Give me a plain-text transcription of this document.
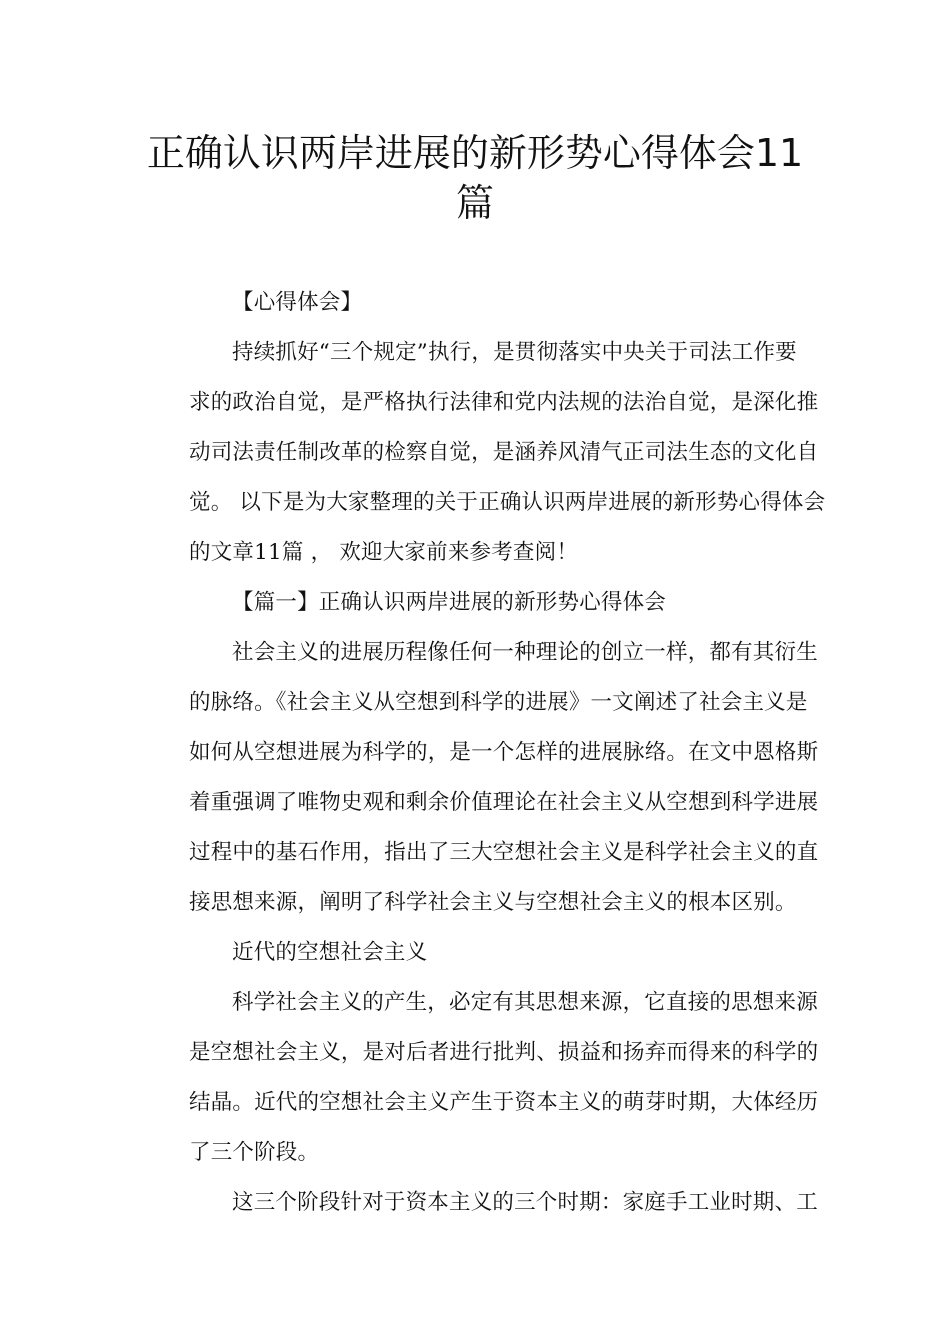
正确认识两岸进展的新形势心得体会11
篇
【心得体会】
持续抓好“三个规定”执行，是贯彻落实中央关于司法工作要
求的政治自觉，是严格执行法律和党内法规的法治自觉，是深化推
动司法责任制改革的检察自觉，是涵养风清气正司法生态的文化自
觉。 以下是为大家整理的关于正确认识两岸进展的新形势心得体会
的文章11篇 ， 欢迎大家前来参考查阅！
【篇一】正确认识两岸进展的新形势心得体会
社会主义的进展历程像任何一种理论的创立一样，都有其衍生
的脉络。《社会主义从空想到科学的进展》一文阐述了社会主义是
如何从空想进展为科学的，是一个怎样的进展脉络。在文中恩格斯
着重强调了唯物史观和剩余价值理论在社会主义从空想到科学进展
过程中的基石作用，指出了三大空想社会主义是科学社会主义的直
接思想来源，阐明了科学社会主义与空想社会主义的根本区别。
近代的空想社会主义
科学社会主义的产生，必定有其思想来源，它直接的思想来源
是空想社会主义，是对后者进行批判、损益和扬弃而得来的科学的
结晶。近代的空想社会主义产生于资本主义的萌芽时期，大体经历
了三个阶段。
这三个阶段针对于资本主义的三个时期：家庭手工业时期、工
